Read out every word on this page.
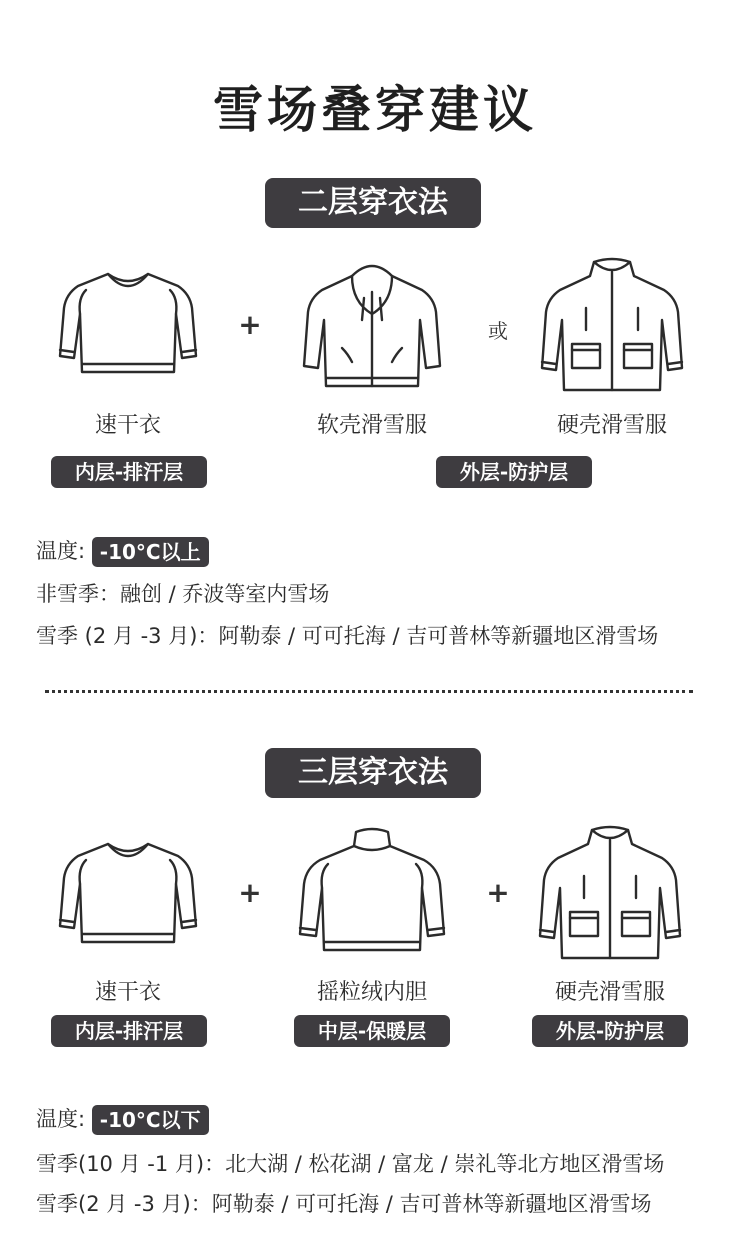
雪场叠穿建议
二层穿衣法
+	或
速干衣	软壳滑雪服	硬壳滑雪服
内层-排汗层	外层-防护层
温度: -10°C以上
非雪季：融创 / 乔波等室内雪场
雪季 (2 月 -3 月)：阿勒泰 / 可可托海 / 吉可普林等新疆地区滑雪场
三层穿衣法
+	+
速干衣	摇粒绒内胆	硬壳滑雪服
内层-排汗层	中层-保暖层	外层-防护层
温度: -10°C以下
雪季(10 月 -1 月)：北大湖 / 松花湖 / 富龙 / 崇礼等北方地区滑雪场
雪季(2 月 -3 月)：阿勒泰 / 可可托海 / 吉可普林等新疆地区滑雪场
